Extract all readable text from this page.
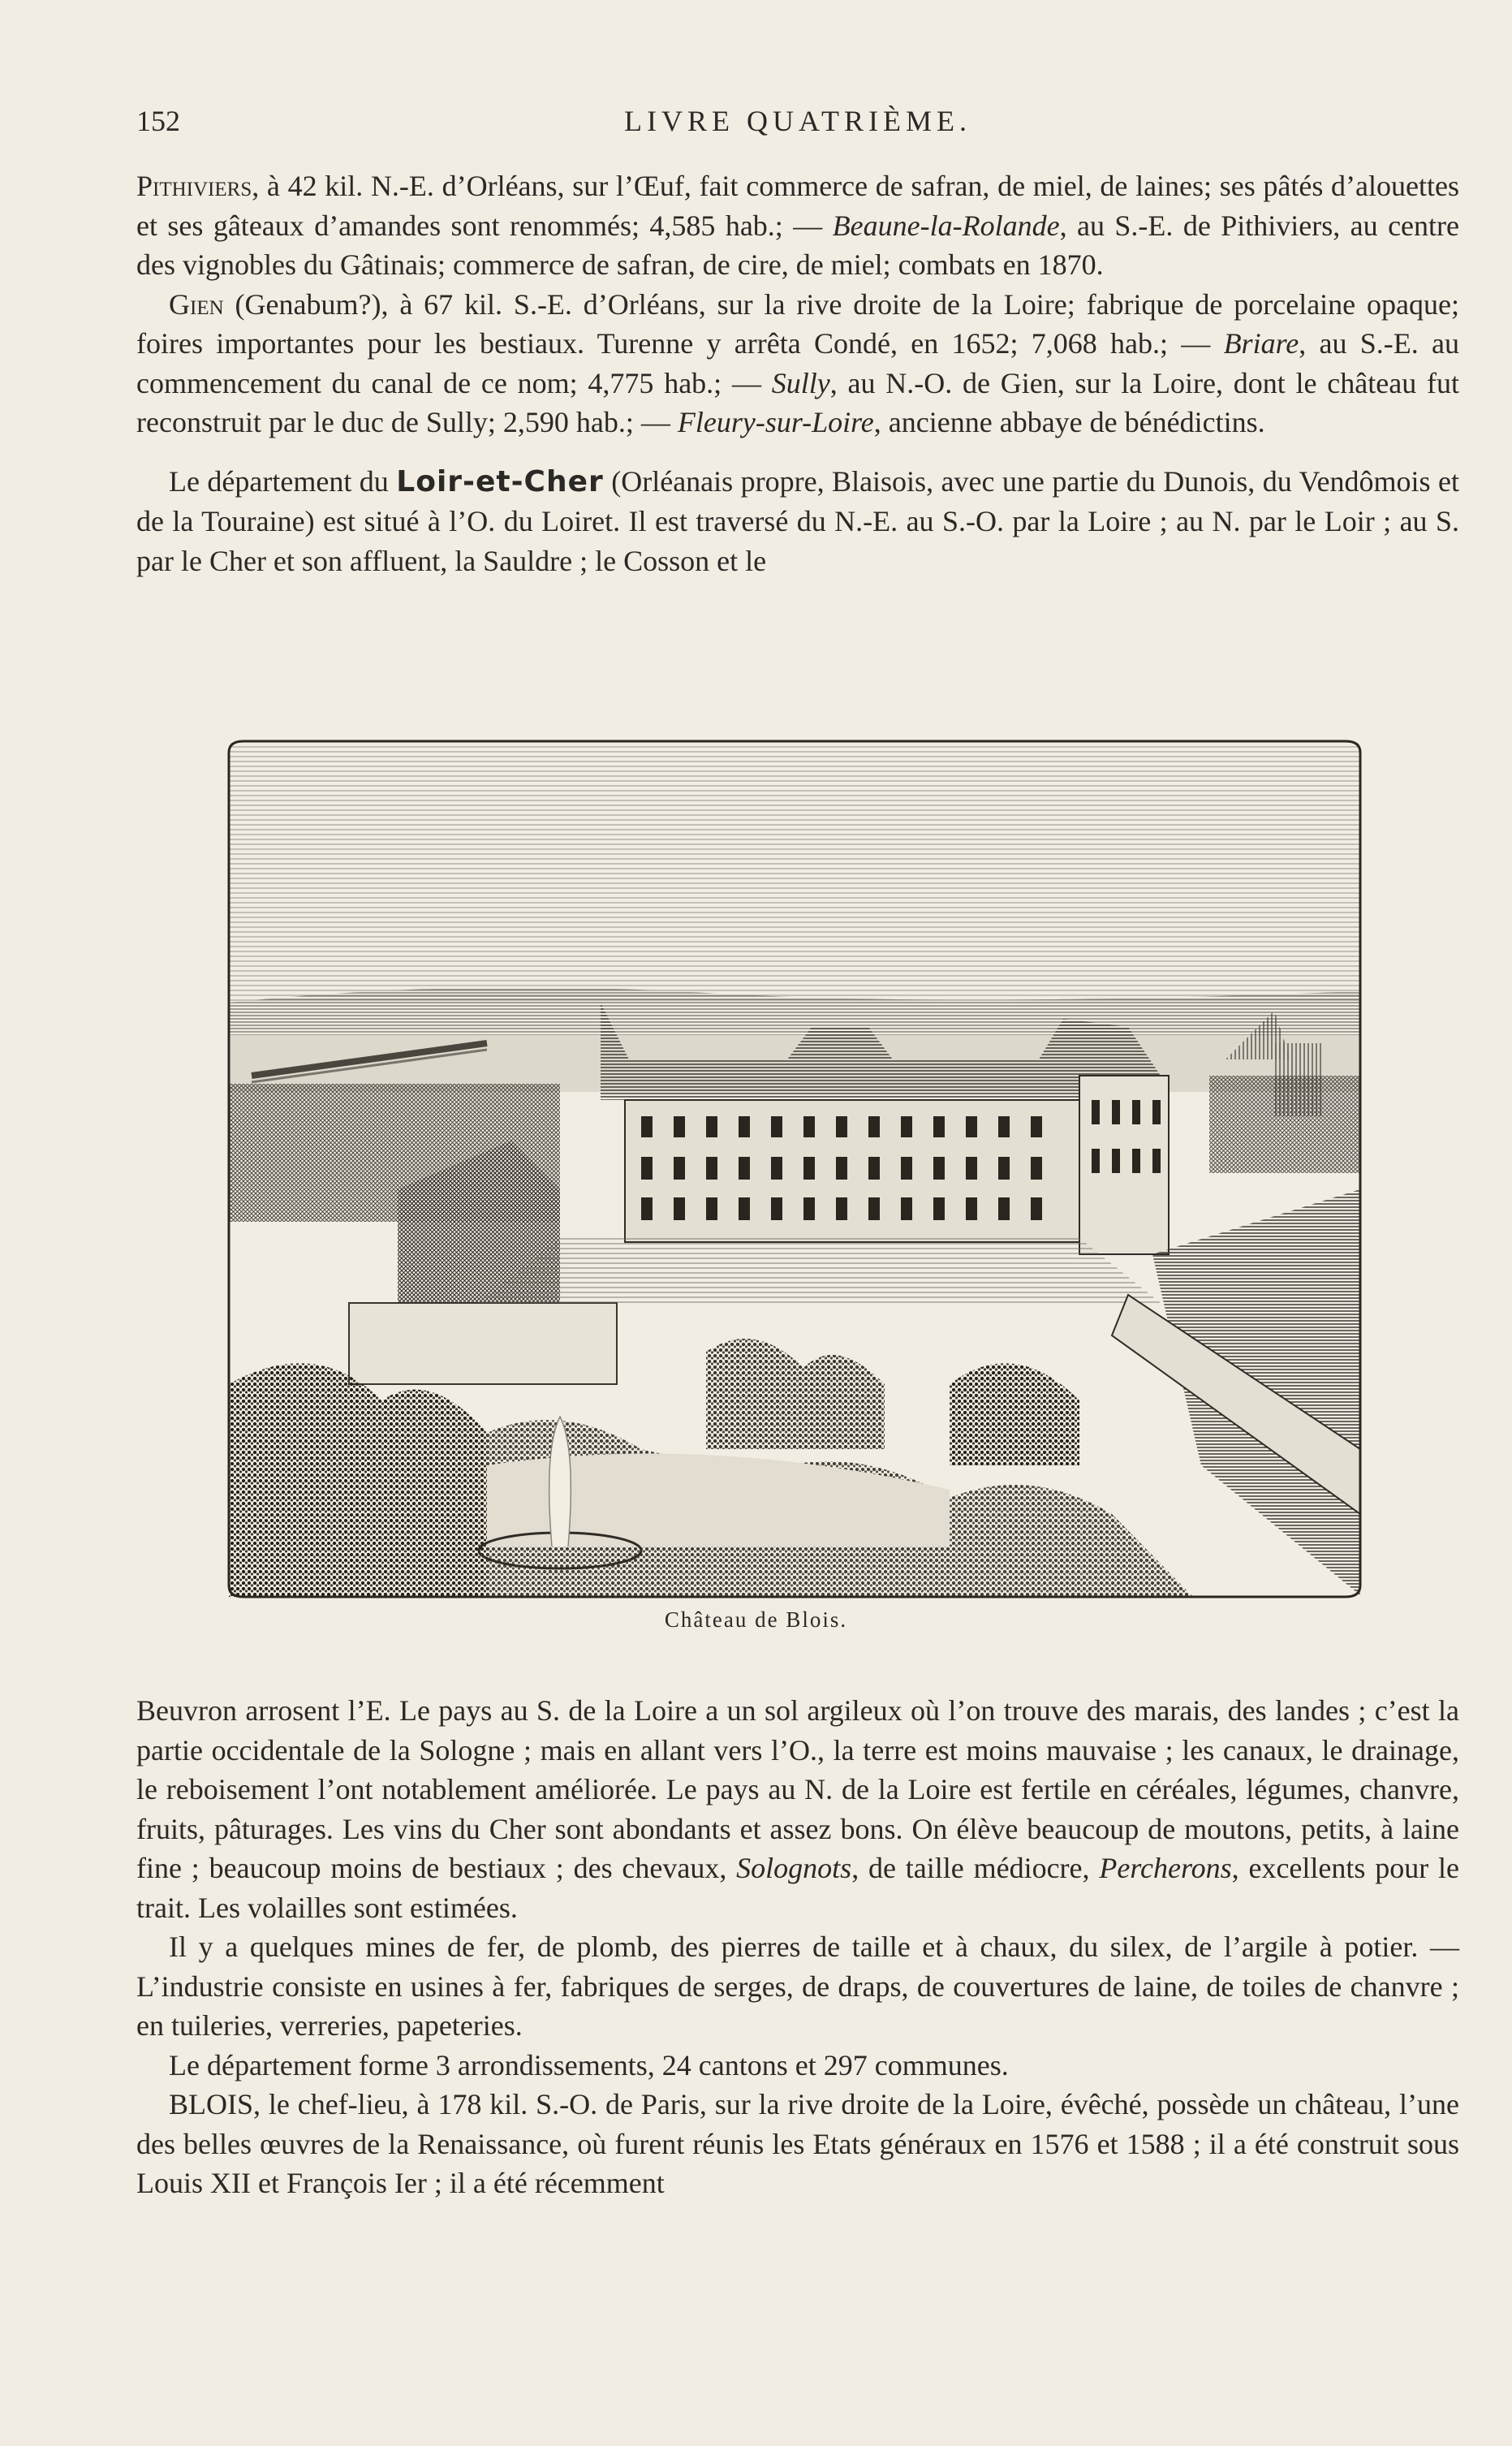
152	LIVRE QUATRIÈME.

Pithiviers, à 42 kil. N.-E. d’Orléans, sur l’Œuf, fait commerce de safran, de miel, de laines; ses pâtés d’alouettes et ses gâteaux d’amandes sont renommés; 4,585 hab.; — Beaune-la-Rolande, au S.-E. de Pithiviers, au centre des vignobles du Gâtinais; commerce de safran, de cire, de miel; combats en 1870.

Gien (Genabum?), à 67 kil. S.-E. d’Orléans, sur la rive droite de la Loire; fabrique de porcelaine opaque; foires importantes pour les bestiaux. Turenne y arrêta Condé, en 1652; 7,068 hab.; — Briare, au S.-E. au commencement du canal de ce nom; 4,775 hab.; — Sully, au N.-O. de Gien, sur la Loire, dont le château fut reconstruit par le duc de Sully; 2,590 hab.; — Fleury-sur-Loire, ancienne abbaye de bénédictins.

Le département du Loir-et-Cher (Orléanais propre, Blaisois, avec une partie du Dunois, du Vendômois et de la Touraine) est situé à l’O. du Loiret. Il est traversé du N.-E. au S.-O. par la Loire ; au N. par le Loir ; au S. par le Cher et son affluent, la Sauldre ; le Cosson et le

Château de Blois.

Beuvron arrosent l’E. Le pays au S. de la Loire a un sol argileux où l’on trouve des marais, des landes ; c’est la partie occidentale de la Sologne ; mais en allant vers l’O., la terre est moins mauvaise ; les canaux, le drainage, le reboisement l’ont notablement améliorée. Le pays au N. de la Loire est fertile en céréales, légumes, chanvre, fruits, pâturages. Les vins du Cher sont abondants et assez bons. On élève beaucoup de moutons, petits, à laine fine ; beaucoup moins de bestiaux ; des chevaux, Solognots, de taille médiocre, Percherons, excellents pour le trait. Les volailles sont estimées.

Il y a quelques mines de fer, de plomb, des pierres de taille et à chaux, du silex, de l’argile à potier. — L’industrie consiste en usines à fer, fabriques de serges, de draps, de couvertures de laine, de toiles de chanvre ; en tuileries, verreries, papeteries.

Le département forme 3 arrondissements, 24 cantons et 297 communes.

BLOIS, le chef-lieu, à 178 kil. S.-O. de Paris, sur la rive droite de la Loire, évêché, possède un château, l’une des belles œuvres de la Renaissance, où furent réunis les Etats généraux en 1576 et 1588 ; il a été construit sous Louis XII et François Ier ; il a été récemment
